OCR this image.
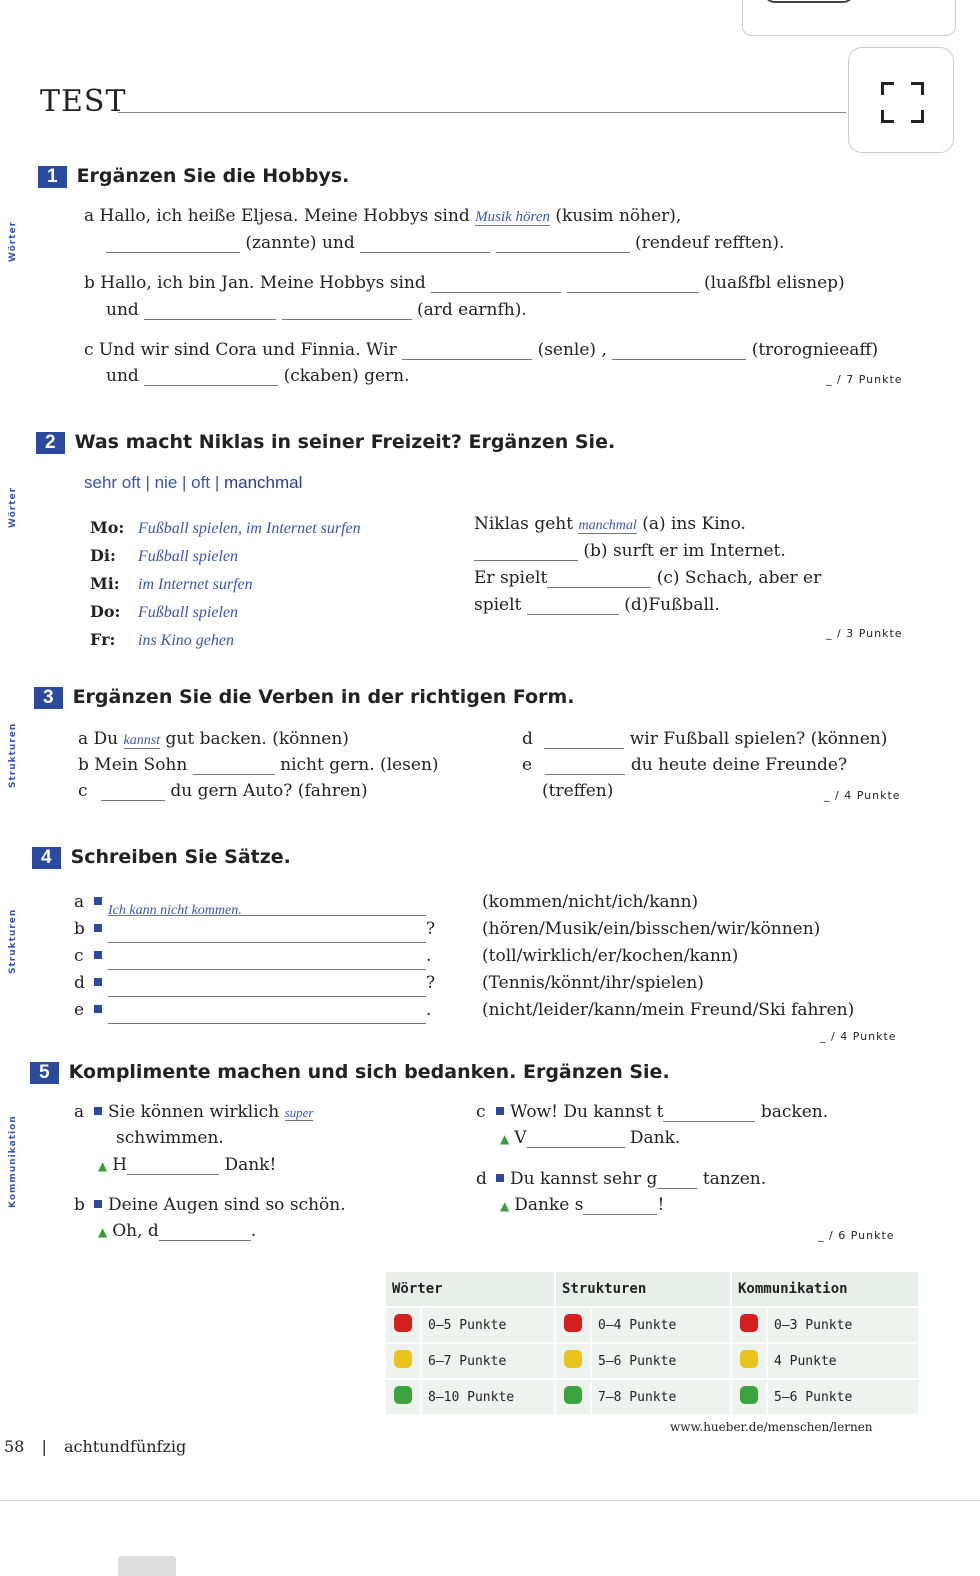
TEST
1 Ergänzen Sie die Hobbys.
Wörter
a Hallo, ich heiße Eljesa. Meine Hobbys sind Musik hören (kusim nöher),
(zannte) und	(rendeuf refften).
b Hallo, ich bin Jan. Meine Hobbys sind	(luaßfbl elisnep)
und	(ard earnfh).
c Und wir sind Cora und Finnia. Wir	(senle) ,	(trorognieeaff)
und	(ckaben) gern.	_ / 7 Punkte
2 Was macht Niklas in seiner Freizeit? Ergänzen Sie.
Wörter
sehr oft | nie | oft | manchmal
Mo: Fußball spielen, im Internet surfen
Di: Fußball spielen
Mi: im Internet surfen
Do: Fußball spielen
Fr: ins Kino gehen
Niklas geht manchmal (a) ins Kino.
(b) surft er im Internet.
Er spielt	(c) Schach, aber er
spielt	(d)Fußball.
_ / 3 Punkte
3 Ergänzen Sie die Verben in der richtigen Form.
Strukturen	a Du kannst gut backen. (können)
b Mein Sohn	nicht gern. (lesen)
c	du gern Auto? (fahren)
d	wir Fußball spielen? (können)
e	du heute deine Freunde?
(treffen)	_ / 4 Punkte
4 Schreiben Sie Sätze.
Strukturen
a Ich kann nicht kommen.	(kommen/nicht/ich/kann)
b	?	(hören/Musik/ein/bisschen/wir/können)
c	.	(toll/wirklich/er/kochen/kann)
d	?	(Tennis/könnt/ihr/spielen)
e	.	(nicht/leider/kann/mein Freund/Ski fahren)
_ / 4 Punkte
5 Komplimente machen und sich bedanken. Ergänzen Sie.
Kommunikation
a Sie können wirklich super
schwimmen.
▲ H	Dank!
b Deine Augen sind so schön.
▲ Oh, d	.
c Wow! Du kannst t	backen.
▲ V	Dank.
d Du kannst sehr g	tanzen.
▲ Danke s	!
_ / 6 Punkte
Wörter		Strukturen		Kommunikation	
	0–5 Punkte		0–4 Punkte		0–3 Punkte
	6–7 Punkte		5–6 Punkte		4 Punkte
	8–10 Punkte		7–8 Punkte		5–6 Punkte
www.hueber.de/menschen/lernen
58 | achtundfünfzig
